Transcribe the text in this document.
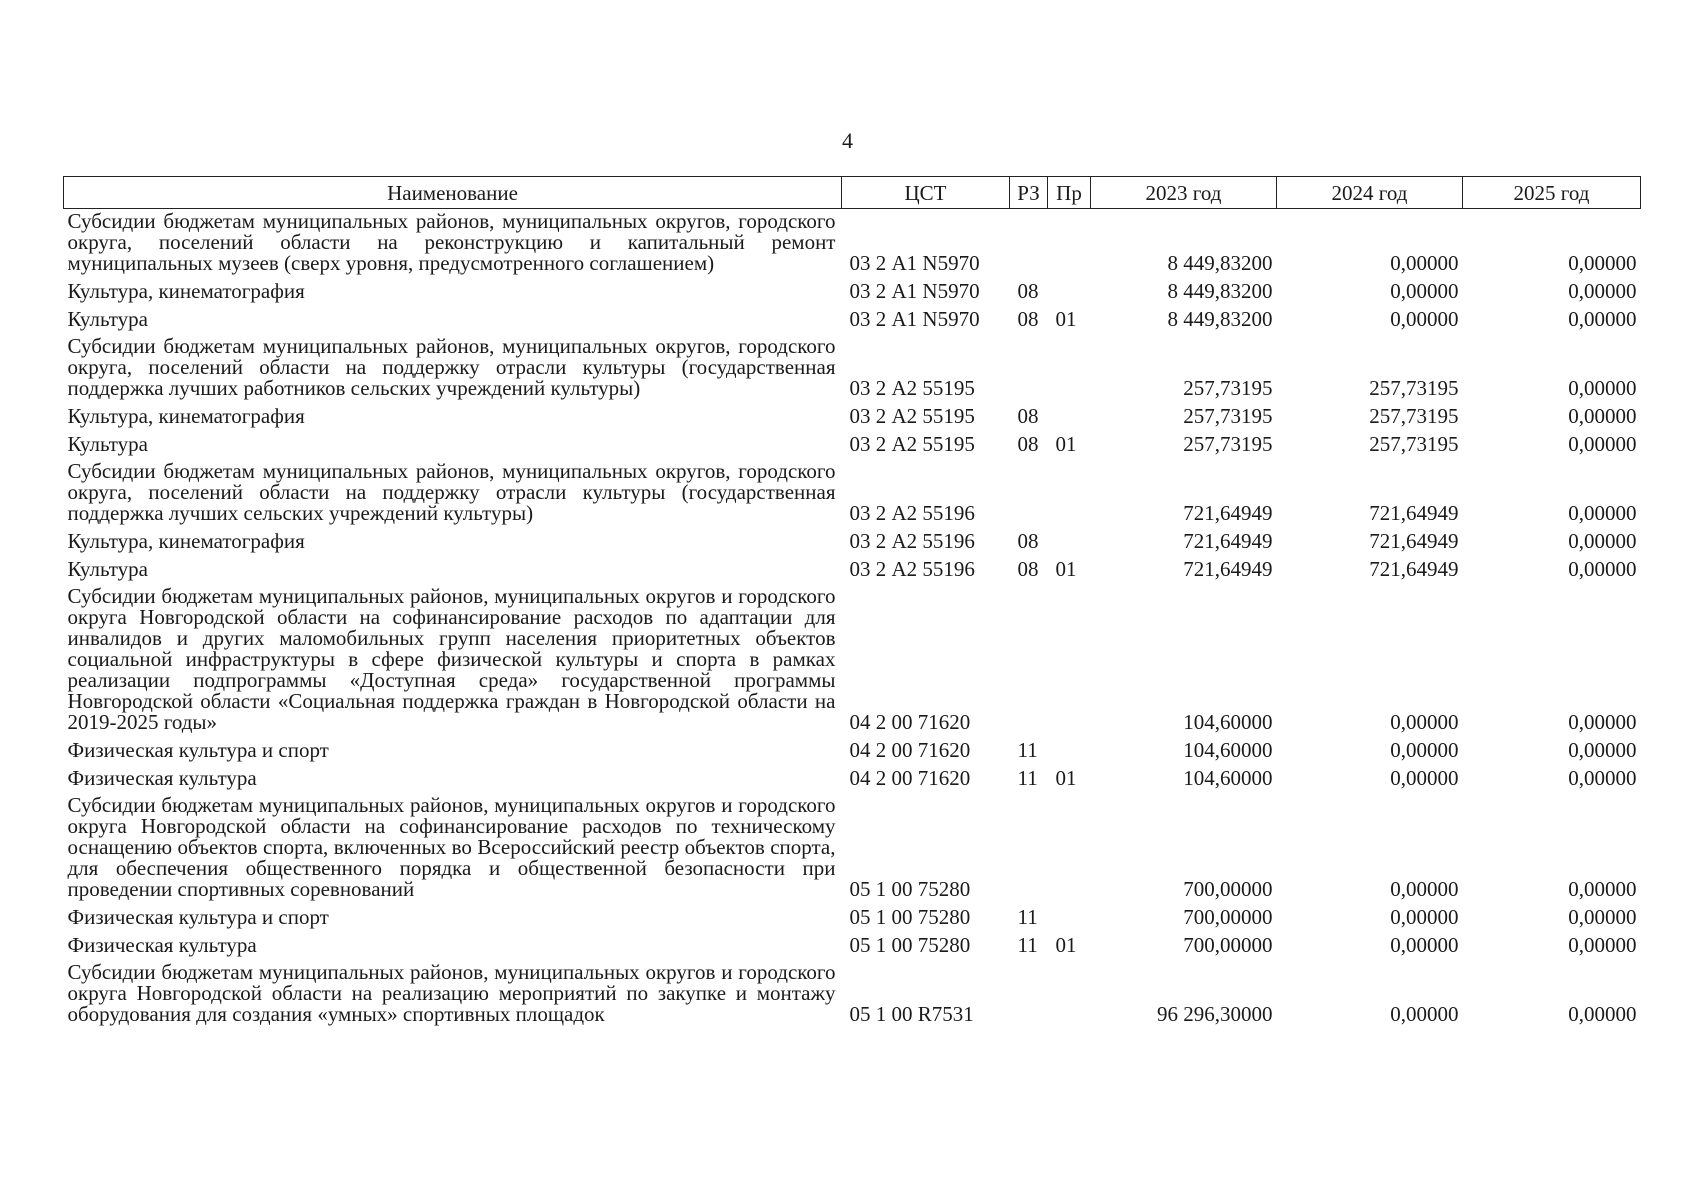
4
Наименование	ЦСТ	РЗ	Пр	2023 год	2024 год	2025 год
Субсидии бюджетам муниципальных районов, муниципальных округов, городского округа, поселений области на реконструкцию и капитальный ремонт муниципальных музеев (сверх уровня, предусмотренного соглашением)	03 2 А1 N5970			8 449,83200	0,00000	0,00000
Культура, кинематография	03 2 А1 N5970	08		8 449,83200	0,00000	0,00000
Культура	03 2 А1 N5970	08	01	8 449,83200	0,00000	0,00000
Субсидии бюджетам муниципальных районов, муниципальных округов, городского округа, поселений области на поддержку отрасли культуры (государственная поддержка лучших работников сельских учреждений культуры)	03 2 А2 55195			257,73195	257,73195	0,00000
Культура, кинематография	03 2 А2 55195	08		257,73195	257,73195	0,00000
Культура	03 2 А2 55195	08	01	257,73195	257,73195	0,00000
Субсидии бюджетам муниципальных районов, муниципальных округов, городского округа, поселений области на поддержку отрасли культуры (государственная поддержка лучших сельских учреждений культуры)	03 2 А2 55196			721,64949	721,64949	0,00000
Культура, кинематография	03 2 А2 55196	08		721,64949	721,64949	0,00000
Культура	03 2 А2 55196	08	01	721,64949	721,64949	0,00000
Субсидии бюджетам муниципальных районов, муниципальных округов и городского округа Новгородской области на софинансирование расходов по адаптации для инвалидов и других маломобильных групп населения приоритетных объектов социальной инфраструктуры в сфере физической культуры и спорта в рамках реализации подпрограммы «Доступная среда» государственной программы Новгородской области «Социальная поддержка граждан в Новгородской области на 2019-2025 годы»	04 2 00 71620			104,60000	0,00000	0,00000
Физическая культура и спорт	04 2 00 71620	11		104,60000	0,00000	0,00000
Физическая культура	04 2 00 71620	11	01	104,60000	0,00000	0,00000
Субсидии бюджетам муниципальных районов, муниципальных округов и городского округа Новгородской области на софинансирование расходов по техническому оснащению объектов спорта, включенных во Всероссийский реестр объектов спорта, для обеспечения общественного порядка и общественной безопасности при проведении спортивных соревнований	05 1 00 75280			700,00000	0,00000	0,00000
Физическая культура и спорт	05 1 00 75280	11		700,00000	0,00000	0,00000
Физическая культура	05 1 00 75280	11	01	700,00000	0,00000	0,00000
Субсидии бюджетам муниципальных районов, муниципальных округов и городского округа Новгородской области на реализацию мероприятий по закупке и монтажу оборудования для создания «умных» спортивных площадок	05 1 00 R7531			96 296,30000	0,00000	0,00000
